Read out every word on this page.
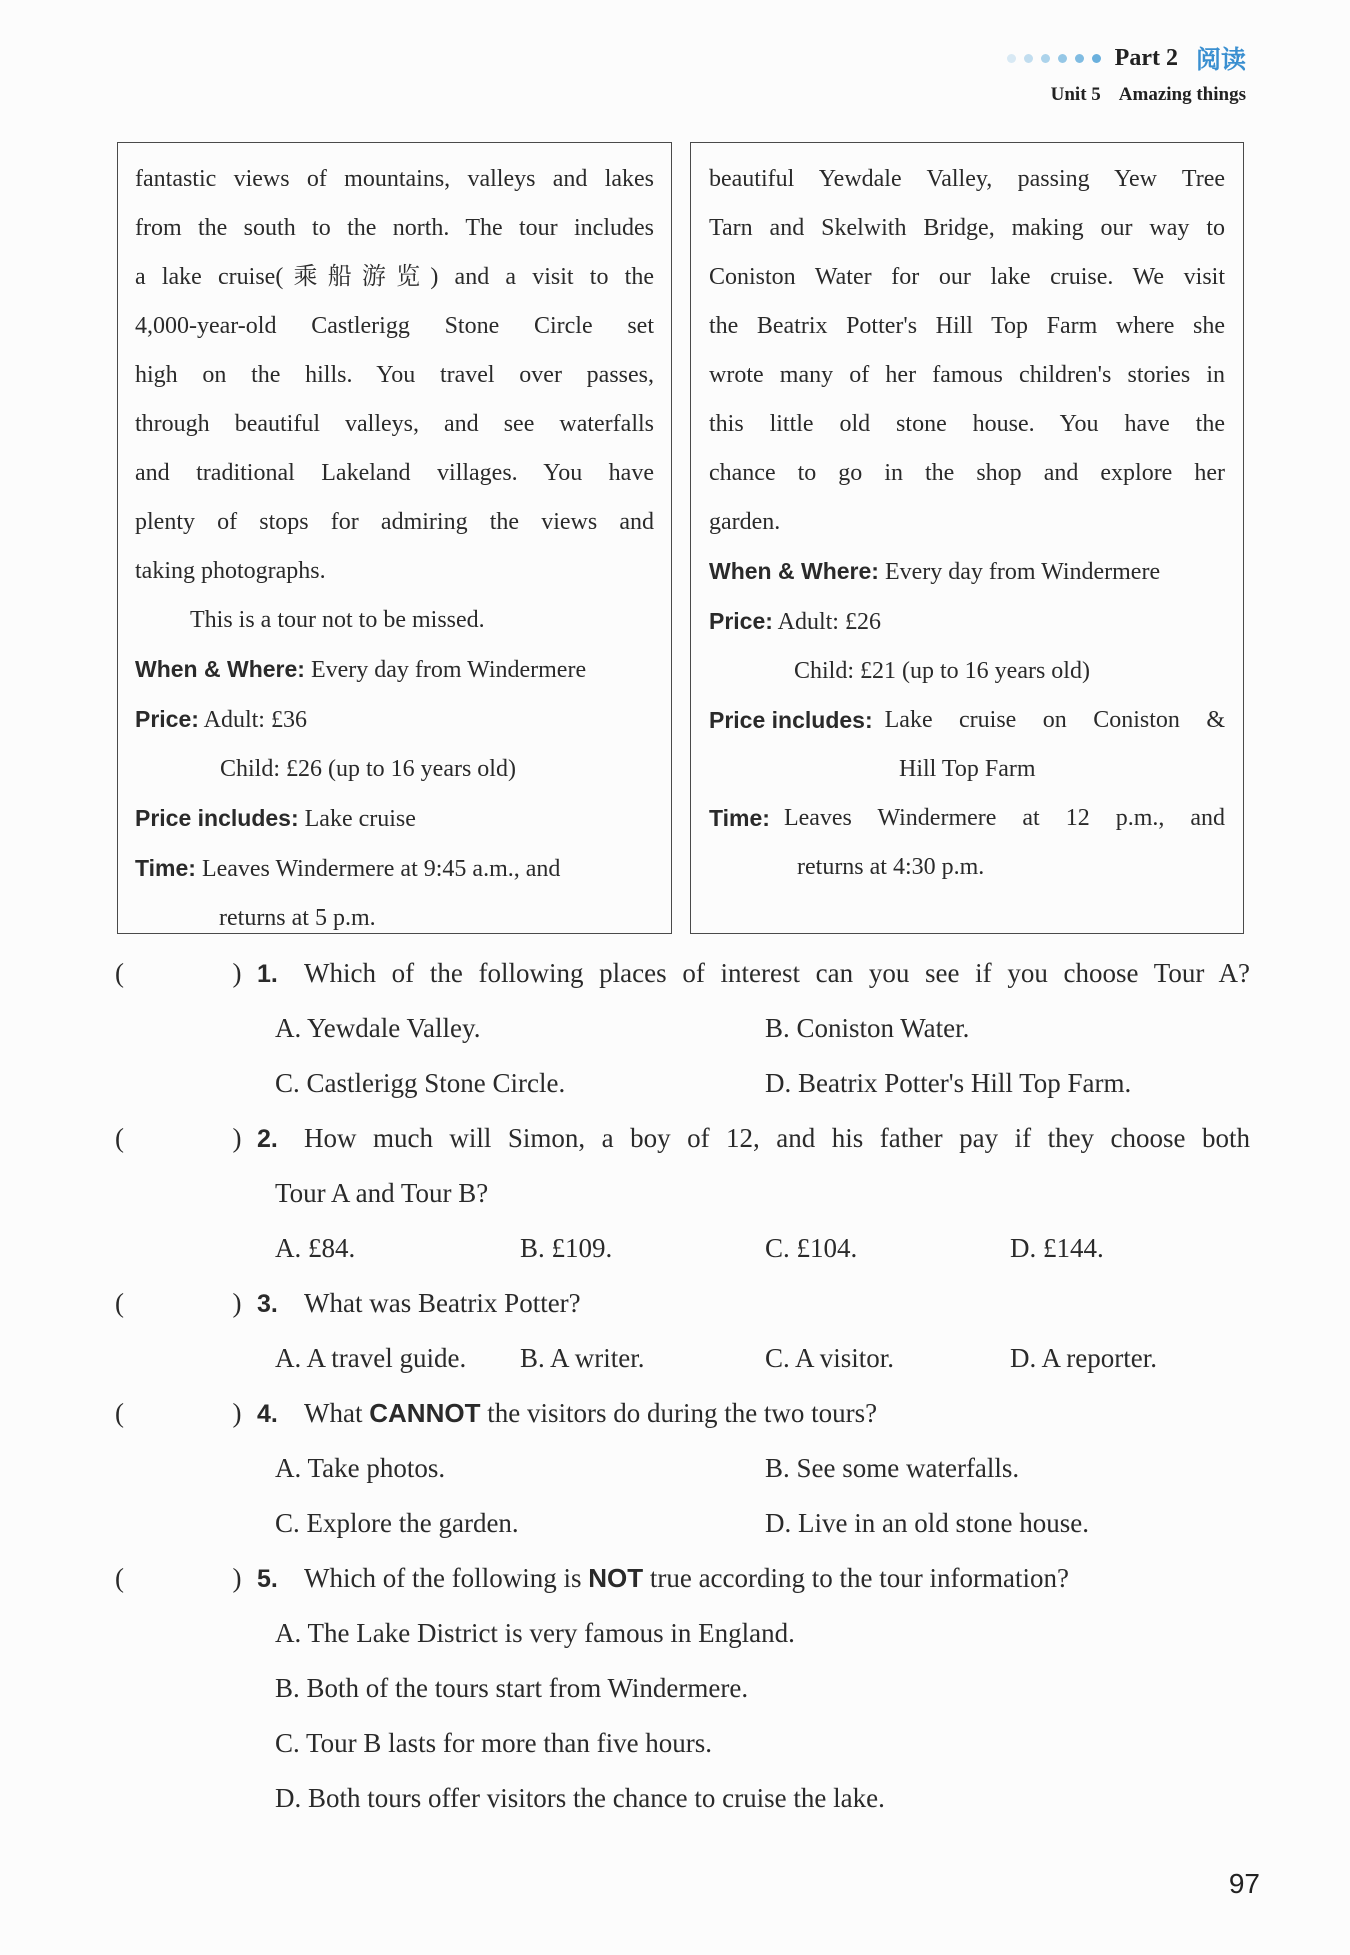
Part 2 阅读
Unit 5 Amazing things
fantastic views of mountains, valleys and lakes
from the south to the north. The tour includes
a lake cruise(乘船游览) and a visit to the
4,000-year-old Castlerigg Stone Circle set
high on the hills. You travel over passes,
through beautiful valleys, and see waterfalls
and traditional Lakeland villages. You have
plenty of stops for admiring the views and
taking photographs.
This is a tour not to be missed.
When & Where: Every day from Windermere
Price: Adult: £36
Child: £26 (up to 16 years old)
Price includes: Lake cruise
Time: Leaves Windermere at 9:45 a.m., and
returns at 5 p.m.
beautiful Yewdale Valley, passing Yew Tree
Tarn and Skelwith Bridge, making our way to
Coniston Water for our lake cruise. We visit
the Beatrix Potter's Hill Top Farm where she
wrote many of her famous children's stories in
this little old stone house. You have the
chance to go in the shop and explore her
garden.
When & Where: Every day from Windermere
Price: Adult: £26
Child: £21 (up to 16 years old)
Price includes: Lake cruise on Coniston &
Hill Top Farm
Time: Leaves Windermere at 12 p.m., and
returns at 4:30 p.m.
(	) 1. Which of the following places of interest can you see if you choose Tour A?
A. Yewdale Valley.	B. Coniston Water.
C. Castlerigg Stone Circle.	D. Beatrix Potter's Hill Top Farm.
(	) 2. How much will Simon, a boy of 12, and his father pay if they choose both
Tour A and Tour B?
A. £84.	B. £109.	C. £104.	D. £144.
(	) 3. What was Beatrix Potter?
A. A travel guide.	B. A writer.	C. A visitor.	D. A reporter.
(	) 4. What CANNOT the visitors do during the two tours?
A. Take photos.	B. See some waterfalls.
C. Explore the garden.	D. Live in an old stone house.
(	) 5. Which of the following is NOT true according to the tour information?
A. The Lake District is very famous in England.
B. Both of the tours start from Windermere.
C. Tour B lasts for more than five hours.
D. Both tours offer visitors the chance to cruise the lake.
97
